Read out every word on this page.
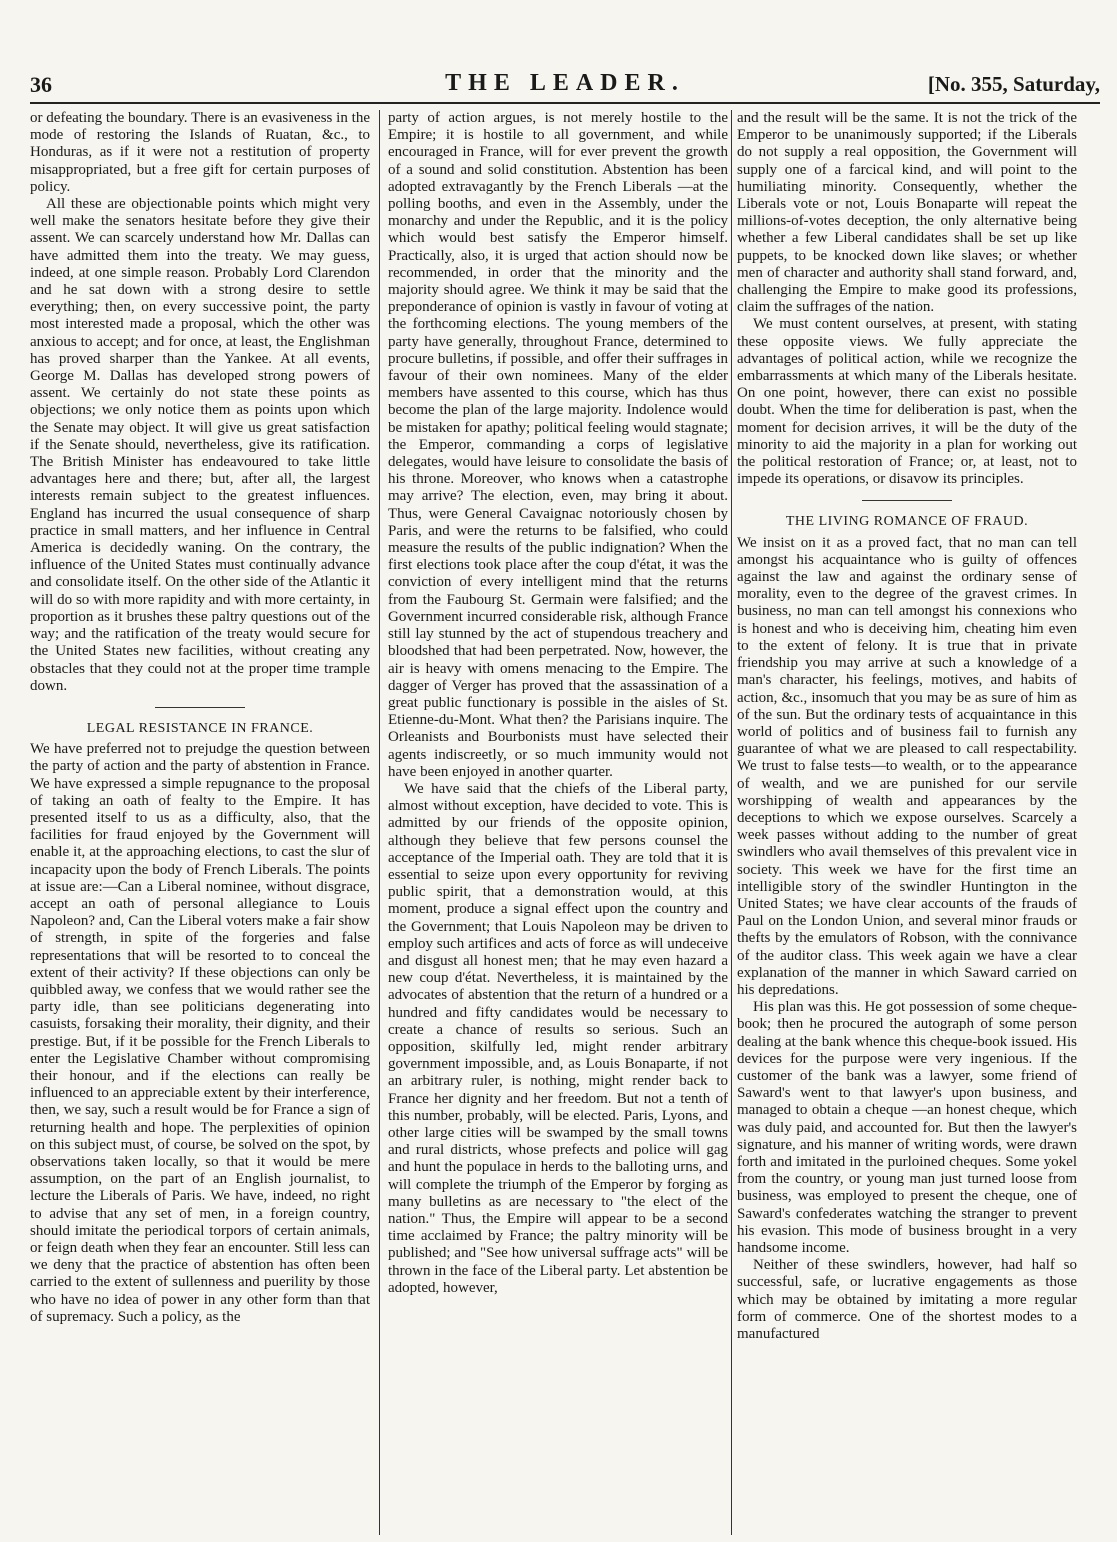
36	THE LEADER.	[No. 355, Saturday,

or defeating the boundary. There is an evasiveness in the mode of restoring the Islands of Ruatan, &c., to Honduras, as if it were not a restitution of property misappropriated, but a free gift for certain purposes of policy.

All these are objectionable points which might very well make the senators hesitate before they give their assent. We can scarcely understand how Mr. Dallas can have admitted them into the treaty. We may guess, indeed, at one simple reason. Probably Lord Clarendon and he sat down with a strong desire to settle everything; then, on every successive point, the party most interested made a proposal, which the other was anxious to accept; and for once, at least, the Englishman has proved sharper than the Yankee. At all events, George M. Dallas has developed strong powers of assent. We certainly do not state these points as objections; we only notice them as points upon which the Senate may object. It will give us great satisfaction if the Senate should, nevertheless, give its ratification. The British Minister has endeavoured to take little advantages here and there; but, after all, the largest interests remain subject to the greatest influences. England has incurred the usual consequence of sharp practice in small matters, and her influence in Central America is decidedly waning. On the contrary, the influence of the United States must continually advance and consolidate itself. On the other side of the Atlantic it will do so with more rapidity and with more certainty, in proportion as it brushes these paltry questions out of the way; and the ratification of the treaty would secure for the United States new facilities, without creating any obstacles that they could not at the proper time trample down.

LEGAL RESISTANCE IN FRANCE.

We have preferred not to prejudge the question between the party of action and the party of abstention in France. We have expressed a simple repugnance to the proposal of taking an oath of fealty to the Empire. It has presented itself to us as a difficulty, also, that the facilities for fraud enjoyed by the Government will enable it, at the approaching elections, to cast the slur of incapacity upon the body of French Liberals. The points at issue are:—Can a Liberal nominee, without disgrace, accept an oath of personal allegiance to Louis Napoleon? and, Can the Liberal voters make a fair show of strength, in spite of the forgeries and false representations that will be resorted to to conceal the extent of their activity? If these objections can only be quibbled away, we confess that we would rather see the party idle, than see politicians degenerating into casuists, forsaking their morality, their dignity, and their prestige. But, if it be possible for the French Liberals to enter the Legislative Chamber without compromising their honour, and if the elections can really be influenced to an appreciable extent by their interference, then, we say, such a result would be for France a sign of returning health and hope. The perplexities of opinion on this subject must, of course, be solved on the spot, by observations taken locally, so that it would be mere assumption, on the part of an English journalist, to lecture the Liberals of Paris. We have, indeed, no right to advise that any set of men, in a foreign country, should imitate the periodical torpors of certain animals, or feign death when they fear an encounter. Still less can we deny that the practice of abstention has often been carried to the extent of sullenness and puerility by those who have no idea of power in any other form than that of supremacy. Such a policy, as the

party of action argues, is not merely hostile to the Empire; it is hostile to all government, and while encouraged in France, will for ever prevent the growth of a sound and solid constitution. Abstention has been adopted extravagantly by the French Liberals —at the polling booths, and even in the Assembly, under the monarchy and under the Republic, and it is the policy which would best satisfy the Emperor himself. Practically, also, it is urged that action should now be recommended, in order that the minority and the majority should agree. We think it may be said that the preponderance of opinion is vastly in favour of voting at the forthcoming elections. The young members of the party have generally, throughout France, determined to procure bulletins, if possible, and offer their suffrages in favour of their own nominees. Many of the elder members have assented to this course, which has thus become the plan of the large majority. Indolence would be mistaken for apathy; political feeling would stagnate; the Emperor, commanding a corps of legislative delegates, would have leisure to consolidate the basis of his throne. Moreover, who knows when a catastrophe may arrive? The election, even, may bring it about. Thus, were General Cavaignac notoriously chosen by Paris, and were the returns to be falsified, who could measure the results of the public indignation? When the first elections took place after the coup d'état, it was the conviction of every intelligent mind that the returns from the Faubourg St. Germain were falsified; and the Government incurred considerable risk, although France still lay stunned by the act of stupendous treachery and bloodshed that had been perpetrated. Now, however, the air is heavy with omens menacing to the Empire. The dagger of Verger has proved that the assassination of a great public functionary is possible in the aisles of St. Etienne-du-Mont. What then? the Parisians inquire. The Orleanists and Bourbonists must have selected their agents indiscreetly, or so much immunity would not have been enjoyed in another quarter.

We have said that the chiefs of the Liberal party, almost without exception, have decided to vote. This is admitted by our friends of the opposite opinion, although they believe that few persons counsel the acceptance of the Imperial oath. They are told that it is essential to seize upon every opportunity for reviving public spirit, that a demonstration would, at this moment, produce a signal effect upon the country and the Government; that Louis Napoleon may be driven to employ such artifices and acts of force as will undeceive and disgust all honest men; that he may even hazard a new coup d'état. Nevertheless, it is maintained by the advocates of abstention that the return of a hundred or a hundred and fifty candidates would be necessary to create a chance of results so serious. Such an opposition, skilfully led, might render arbitrary government impossible, and, as Louis Bonaparte, if not an arbitrary ruler, is nothing, might render back to France her dignity and her freedom. But not a tenth of this number, probably, will be elected. Paris, Lyons, and other large cities will be swamped by the small towns and rural districts, whose prefects and police will gag and hunt the populace in herds to the balloting urns, and will complete the triumph of the Emperor by forging as many bulletins as are necessary to "the elect of the nation." Thus, the Empire will appear to be a second time acclaimed by France; the paltry minority will be published; and "See how universal suffrage acts" will be thrown in the face of the Liberal party. Let abstention be adopted, however,

and the result will be the same. It is not the trick of the Emperor to be unanimously supported; if the Liberals do not supply a real opposition, the Government will supply one of a farcical kind, and will point to the humiliating minority. Consequently, whether the Liberals vote or not, Louis Bonaparte will repeat the millions-of-votes deception, the only alternative being whether a few Liberal candidates shall be set up like puppets, to be knocked down like slaves; or whether men of character and authority shall stand forward, and, challenging the Empire to make good its professions, claim the suffrages of the nation.

We must content ourselves, at present, with stating these opposite views. We fully appreciate the advantages of political action, while we recognize the embarrassments at which many of the Liberals hesitate. On one point, however, there can exist no possible doubt. When the time for deliberation is past, when the moment for decision arrives, it will be the duty of the minority to aid the majority in a plan for working out the political restoration of France; or, at least, not to impede its operations, or disavow its principles.

THE LIVING ROMANCE OF FRAUD.

We insist on it as a proved fact, that no man can tell amongst his acquaintance who is guilty of offences against the law and against the ordinary sense of morality, even to the degree of the gravest crimes. In business, no man can tell amongst his connexions who is honest and who is deceiving him, cheating him even to the extent of felony. It is true that in private friendship you may arrive at such a knowledge of a man's character, his feelings, motives, and habits of action, &c., insomuch that you may be as sure of him as of the sun. But the ordinary tests of acquaintance in this world of politics and of business fail to furnish any guarantee of what we are pleased to call respectability. We trust to false tests—to wealth, or to the appearance of wealth, and we are punished for our servile worshipping of wealth and appearances by the deceptions to which we expose ourselves. Scarcely a week passes without adding to the number of great swindlers who avail themselves of this prevalent vice in society. This week we have for the first time an intelligible story of the swindler Huntington in the United States; we have clear accounts of the frauds of Paul on the London Union, and several minor frauds or thefts by the emulators of Robson, with the connivance of the auditor class. This week again we have a clear explanation of the manner in which Saward carried on his depredations.

His plan was this. He got possession of some cheque-book; then he procured the autograph of some person dealing at the bank whence this cheque-book issued. His devices for the purpose were very ingenious. If the customer of the bank was a lawyer, some friend of Saward's went to that lawyer's upon business, and managed to obtain a cheque —an honest cheque, which was duly paid, and accounted for. But then the lawyer's signature, and his manner of writing words, were drawn forth and imitated in the purloined cheques. Some yokel from the country, or young man just turned loose from business, was employed to present the cheque, one of Saward's confederates watching the stranger to prevent his evasion. This mode of business brought in a very handsome income.

Neither of these swindlers, however, had half so successful, safe, or lucrative engagements as those which may be obtained by imitating a more regular form of commerce. One of the shortest modes to a manufactured
